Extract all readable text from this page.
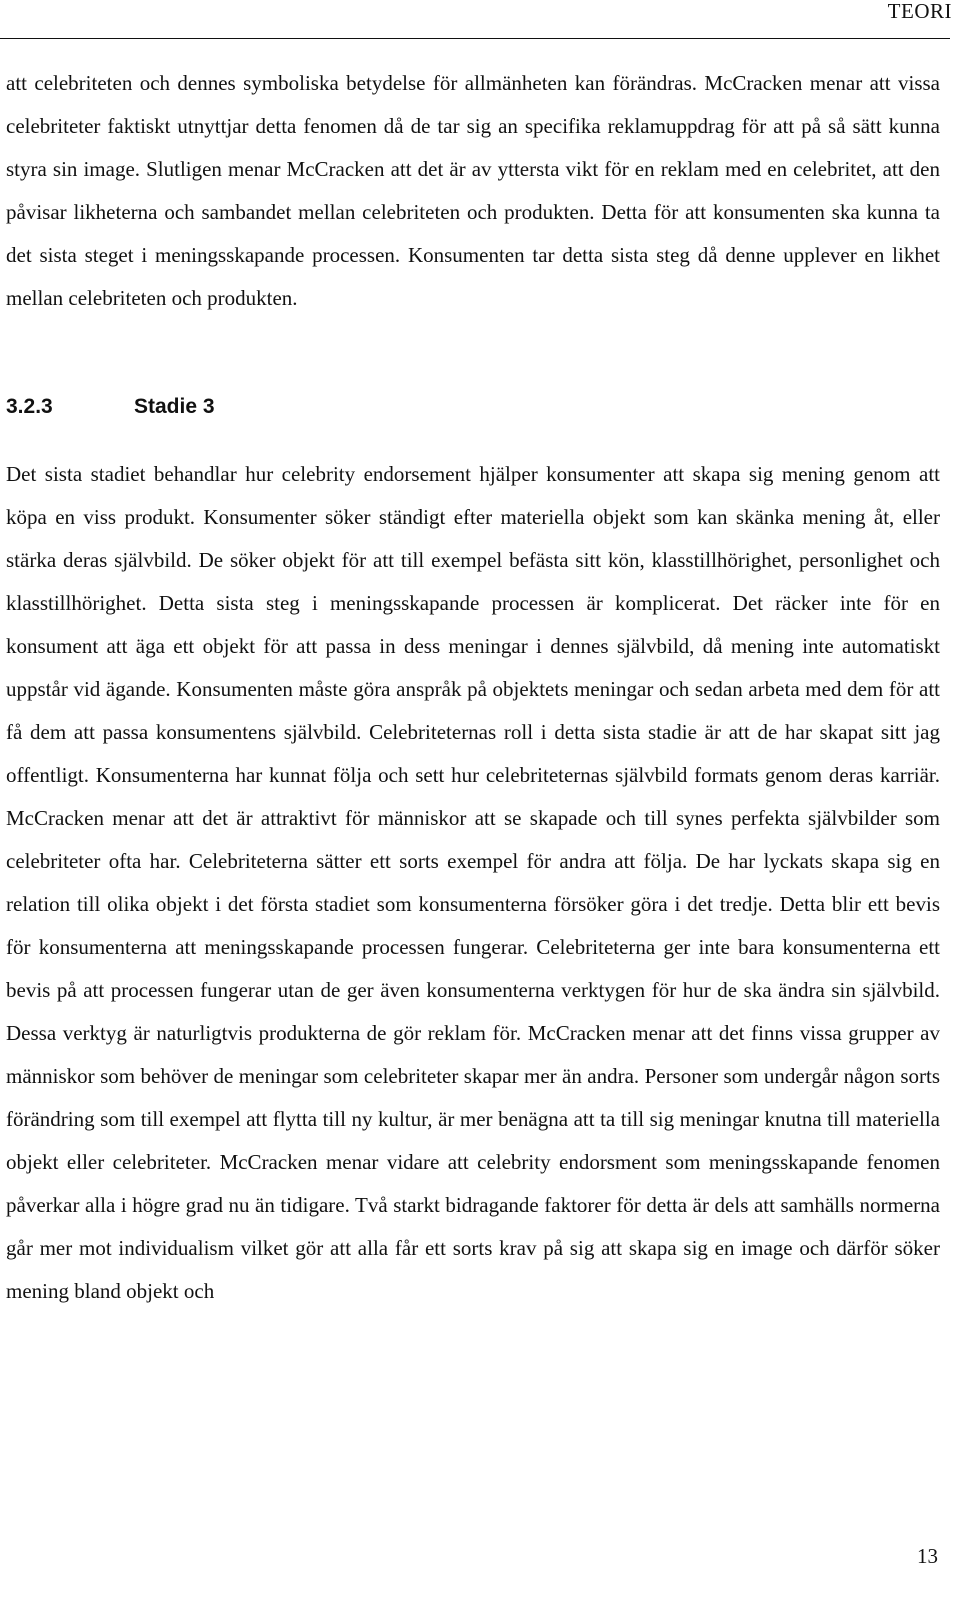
TEORI

att celebriteten och dennes symboliska betydelse för allmänheten kan förändras. McCracken menar att vissa celebriteter faktiskt utnyttjar detta fenomen då de tar sig an specifika reklamuppdrag för att på så sätt kunna styra sin image. Slutligen menar McCracken att det är av yttersta vikt för en reklam med en celebritet, att den påvisar likheterna och sambandet mellan celebriteten och produkten. Detta för att konsumenten ska kunna ta det sista steget i meningsskapande processen. Konsumenten tar detta sista steg då denne upplever en likhet mellan celebriteten och produkten.

3.2.3	Stadie 3

Det sista stadiet behandlar hur celebrity endorsement hjälper konsumenter att skapa sig mening genom att köpa en viss produkt. Konsumenter söker ständigt efter materiella objekt som kan skänka mening åt, eller stärka deras självbild. De söker objekt för att till exempel befästa sitt kön, klasstillhörighet, personlighet och klasstillhörighet. Detta sista steg i meningsskapande processen är komplicerat. Det räcker inte för en konsument att äga ett objekt för att passa in dess meningar i dennes självbild, då mening inte automatiskt uppstår vid ägande. Konsumenten måste göra anspråk på objektets meningar och sedan arbeta med dem för att få dem att passa konsumentens självbild. Celebriteternas roll i detta sista stadie är att de har skapat sitt jag offentligt. Konsumenterna har kunnat följa och sett hur celebriteternas självbild formats genom deras karriär. McCracken menar att det är attraktivt för människor att se skapade och till synes perfekta självbilder som celebriteter ofta har. Celebriteterna sätter ett sorts exempel för andra att följa. De har lyckats skapa sig en relation till olika objekt i det första stadiet som konsumenterna försöker göra i det tredje. Detta blir ett bevis för konsumenterna att meningsskapande processen fungerar. Celebriteterna ger inte bara konsumenterna ett bevis på att processen fungerar utan de ger även konsumenterna verktygen för hur de ska ändra sin självbild. Dessa verktyg är naturligtvis produkterna de gör reklam för. McCracken menar att det finns vissa grupper av människor som behöver de meningar som celebriteter skapar mer än andra. Personer som undergår någon sorts förändring som till exempel att flytta till ny kultur, är mer benägna att ta till sig meningar knutna till materiella objekt eller celebriteter. McCracken menar vidare att celebrity endorsment som meningsskapande fenomen påverkar alla i högre grad nu än tidigare. Två starkt bidragande faktorer för detta är dels att samhälls normerna går mer mot individualism vilket gör att alla får ett sorts krav på sig att skapa sig en image och därför söker mening bland objekt och

13
